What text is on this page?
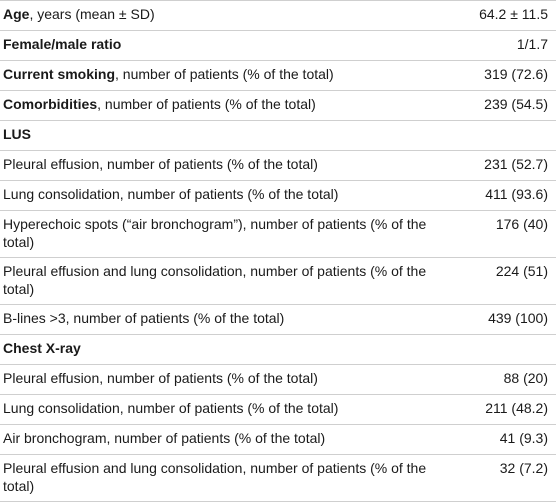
Age, years (mean ± SD)	64.2 ± 11.5
Female/male ratio	1/1.7
Current smoking, number of patients (% of the total)	319 (72.6)
Comorbidities, number of patients (% of the total)	239 (54.5)
LUS	
Pleural effusion, number of patients (% of the total)	231 (52.7)
Lung consolidation, number of patients (% of the total)	411 (93.6)
Hyperechoic spots (“air bronchogram”), number of patients (% of the total)	176 (40)
Pleural effusion and lung consolidation, number of patients (% of the total)	224 (51)
B-lines >3, number of patients (% of the total)	439 (100)
Chest X-ray	
Pleural effusion, number of patients (% of the total)	88 (20)
Lung consolidation, number of patients (% of the total)	211 (48.2)
Air bronchogram, number of patients (% of the total)	41 (9.3)
Pleural effusion and lung consolidation, number of patients (% of the total)	32 (7.2)
